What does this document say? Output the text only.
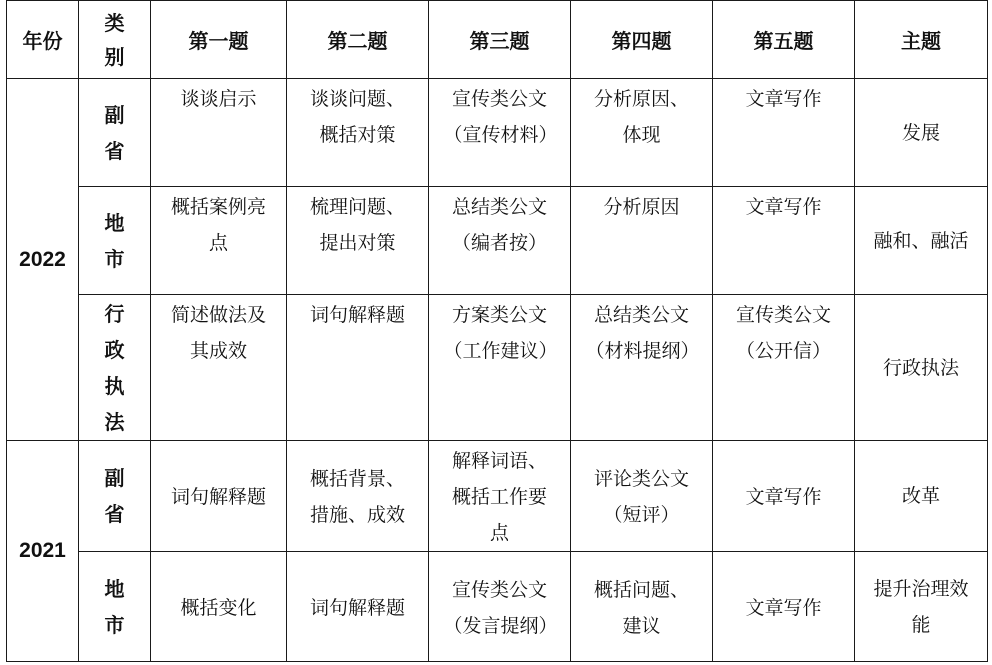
年份	类别	第一题	第二题	第三题	第四题	第五题	主题
2022	副省	谈谈启示	谈谈问题、概括对策	宣传类公文（宣传材料）	分析原因、体现	文章写作	发展
	地市	概括案例亮点	梳理问题、提出对策	总结类公文（编者按）	分析原因	文章写作	融和、融活
	行政执法	简述做法及其成效	词句解释题	方案类公文（工作建议）	总结类公文（材料提纲）	宣传类公文（公开信）	行政执法
2021	副省	词句解释题	概括背景、措施、成效	解释词语、概括工作要点	评论类公文（短评）	文章写作	改革
	地市	概括变化	词句解释题	宣传类公文（发言提纲）	概括问题、建议	文章写作	提升治理效能
